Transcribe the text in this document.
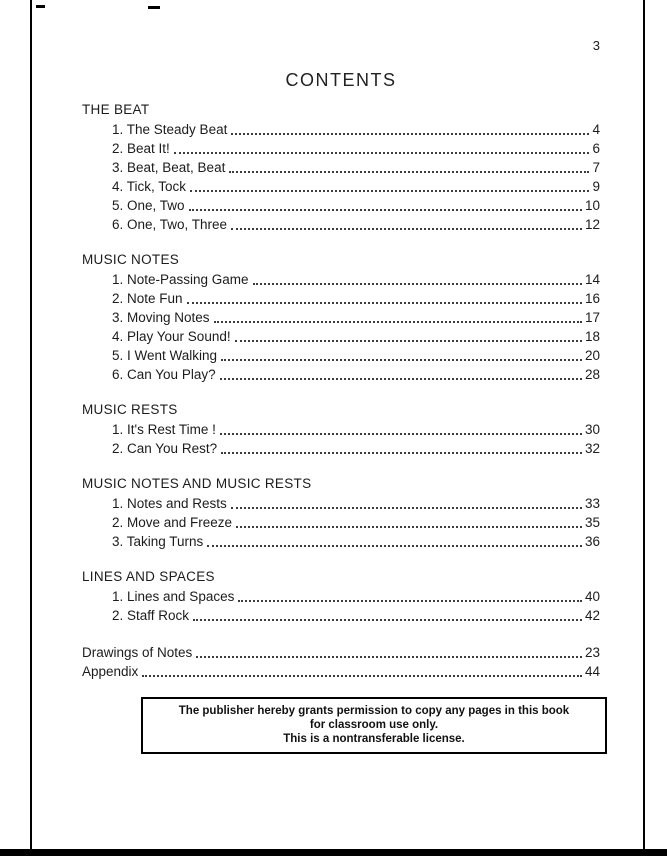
3
CONTENTS
THE BEAT
1. The Steady Beat	4
2. Beat It!	6
3. Beat, Beat, Beat	7
4. Tick, Tock	9
5. One, Two	10
6. One, Two, Three	12
MUSIC NOTES
1. Note-Passing Game	14
2. Note Fun	16
3. Moving Notes	17
4. Play Your Sound!	18
5. I Went Walking	20
6. Can You Play?	28
MUSIC RESTS
1. It's Rest Time !	30
2. Can You Rest?	32
MUSIC NOTES AND MUSIC RESTS
1. Notes and Rests	33
2. Move and Freeze	35
3. Taking Turns	36
LINES AND SPACES
1. Lines and Spaces	40
2. Staff Rock	42
Drawings of Notes	23
Appendix	44
The publisher hereby grants permission to copy any pages in this book
for classroom use only.
This is a nontransferable license.
